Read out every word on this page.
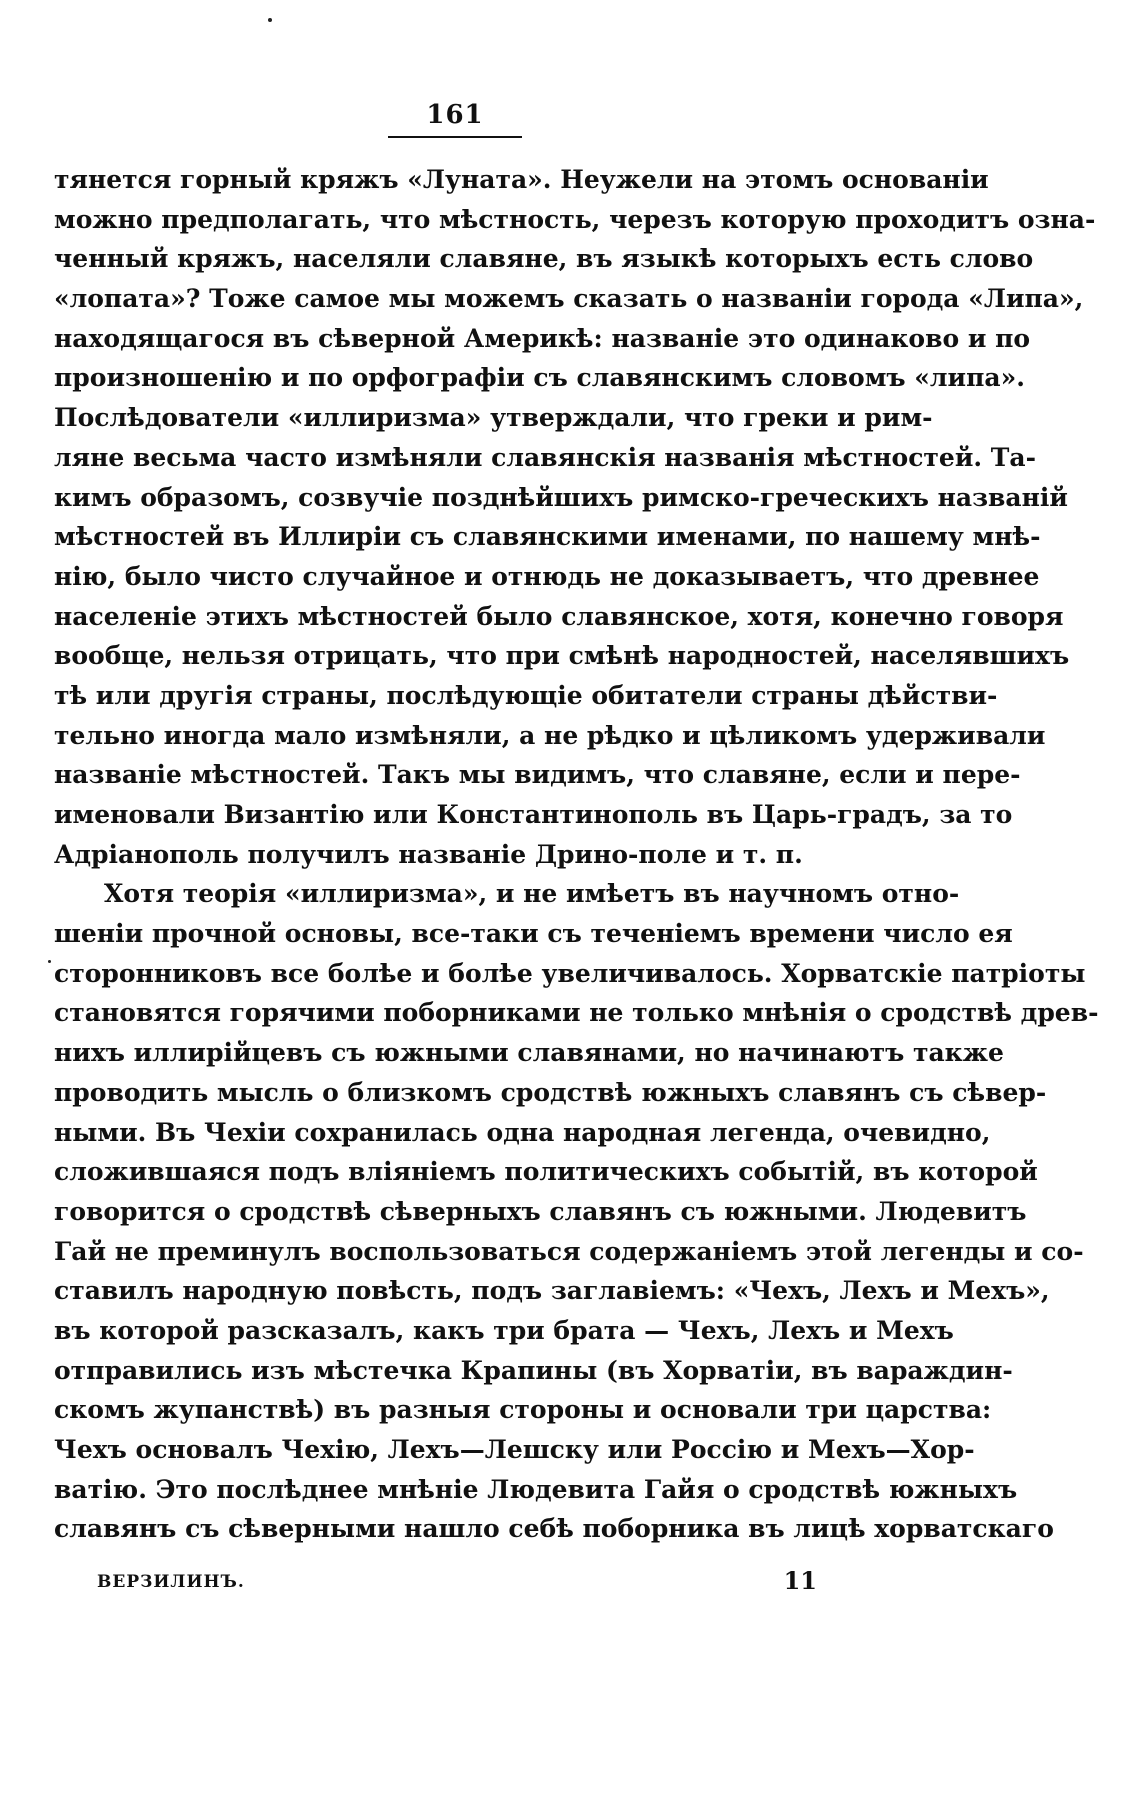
161
тянется горный кряжъ «Луната». Неужели на этомъ основаніи
можно предполагать, что мѣстность, черезъ которую проходитъ озна-
ченный кряжъ, населяли славяне, въ языкѣ которыхъ есть слово
«лопата»? Тоже самое мы можемъ сказать о названіи города «Липа»,
находящагося въ сѣверной Америкѣ: названіе это одинаково и по
произношенію и по орфографіи съ славянскимъ словомъ «липа».
Послѣдователи «иллиризма» утверждали, что греки и рим-
ляне весьма часто измѣняли славянскія названія мѣстностей. Та-
кимъ образомъ, созвучіе позднѣйшихъ римско-греческихъ названій
мѣстностей въ Иллиріи съ славянскими именами, по нашему мнѣ-
нію, было чисто случайное и отнюдь не доказываетъ, что древнее
населеніе этихъ мѣстностей было славянское, хотя, конечно говоря
вообще, нельзя отрицать, что при смѣнѣ народностей, населявшихъ
тѣ или другія страны, послѣдующіе обитатели страны дѣйстви-
тельно иногда мало измѣняли, а не рѣдко и цѣликомъ удерживали
названіе мѣстностей. Такъ мы видимъ, что славяне, если и пере-
именовали Византію или Константинополь въ Царь-градъ, за то
Адріанополь получилъ названіе Дрино-поле и т. п.
Хотя теорія «иллиризма», и не имѣетъ въ научномъ отно-
шеніи прочной основы, все-таки съ теченіемъ времени число ея
сторонниковъ все болѣе и болѣе увеличивалось. Хорватскіе патріоты
становятся горячими поборниками не только мнѣнія о сродствѣ древ-
нихъ иллирійцевъ съ южными славянами, но начинаютъ также
проводить мысль о близкомъ сродствѣ южныхъ славянъ съ сѣвер-
ными. Въ Чехіи сохранилась одна народная легенда, очевидно,
сложившаяся подъ вліяніемъ политическихъ событій, въ которой
говорится о сродствѣ сѣверныхъ славянъ съ южными. Людевитъ
Гай не преминулъ воспользоваться содержаніемъ этой легенды и со-
ставилъ народную повѣсть, подъ заглавіемъ: «Чехъ, Лехъ и Мехъ»,
въ которой разсказалъ, какъ три брата — Чехъ, Лехъ и Мехъ
отправились изъ мѣстечка Крапины (въ Хорватіи, въ вараждин-
скомъ жупанствѣ) въ разныя стороны и основали три царства:
Чехъ основалъ Чехію, Лехъ—Лешску или Россію и Мехъ—Хор-
ватію. Это послѣднее мнѣніе Людевита Гайя о сродствѣ южныхъ
славянъ съ сѣверными нашло себѣ поборника въ лицѣ хорватскаго
ВЕРЗИЛИНЪ.	11
